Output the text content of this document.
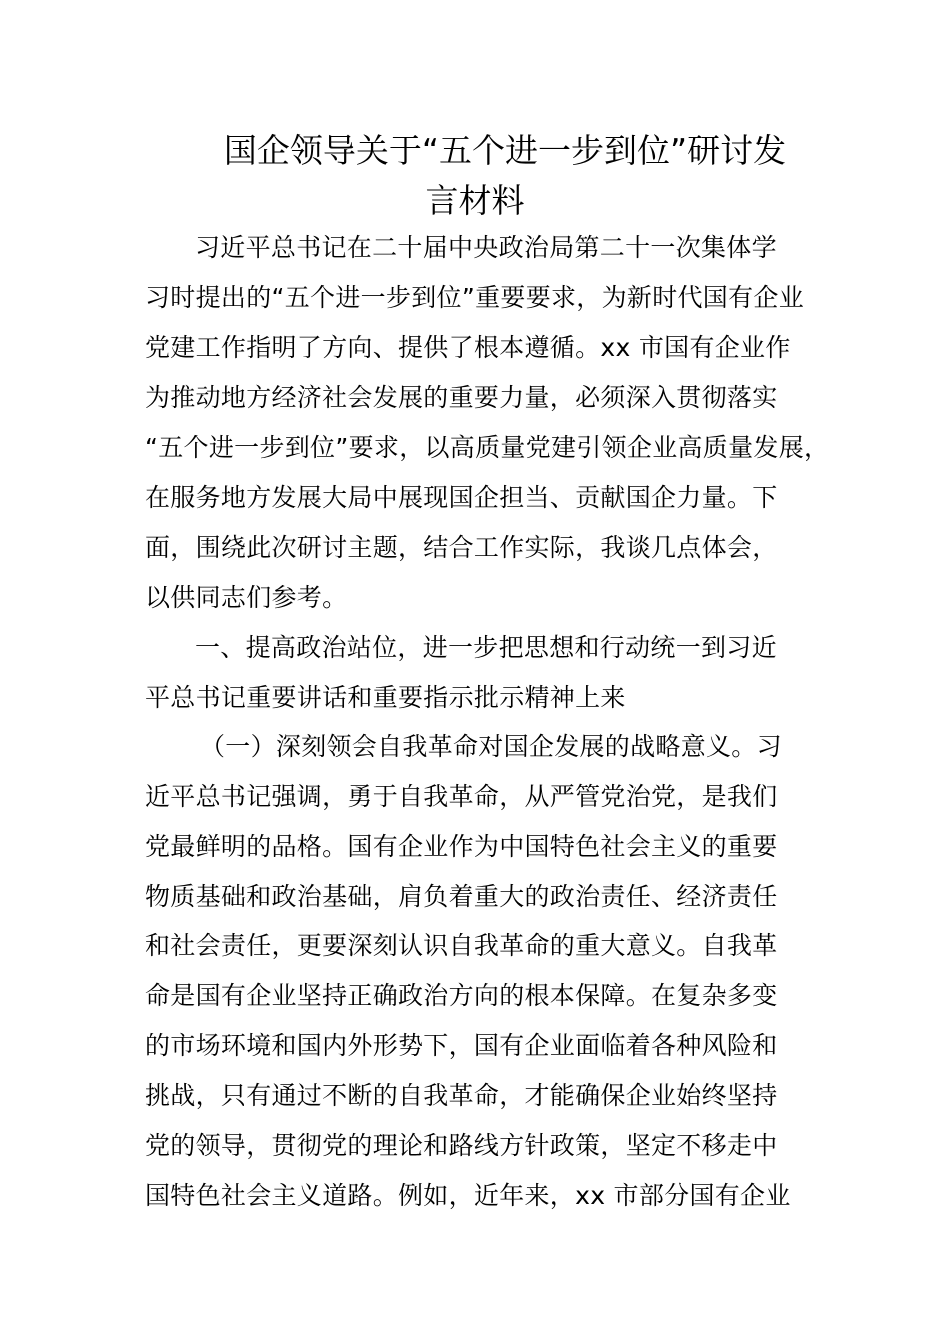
国企领导关于“五个进一步到位”研讨发
言材料
习近平总书记在二十届中央政治局第二十一次集体学
习时提出的“五个进一步到位”重要要求，为新时代国有企业
党建工作指明了方向、提供了根本遵循。xx 市国有企业作
为推动地方经济社会发展的重要力量，必须深入贯彻落实
“五个进一步到位”要求，以高质量党建引领企业高质量发展，
在服务地方发展大局中展现国企担当、贡献国企力量。下
面，围绕此次研讨主题，结合工作实际，我谈几点体会，
以供同志们参考。
一、提高政治站位，进一步把思想和行动统一到习近
平总书记重要讲话和重要指示批示精神上来
（一）深刻领会自我革命对国企发展的战略意义。习
近平总书记强调，勇于自我革命，从严管党治党，是我们
党最鲜明的品格。国有企业作为中国特色社会主义的重要
物质基础和政治基础，肩负着重大的政治责任、经济责任
和社会责任，更要深刻认识自我革命的重大意义。自我革
命是国有企业坚持正确政治方向的根本保障。在复杂多变
的市场环境和国内外形势下，国有企业面临着各种风险和
挑战，只有通过不断的自我革命，才能确保企业始终坚持
党的领导，贯彻党的理论和路线方针政策，坚定不移走中
国特色社会主义道路。例如，近年来，xx 市部分国有企业
